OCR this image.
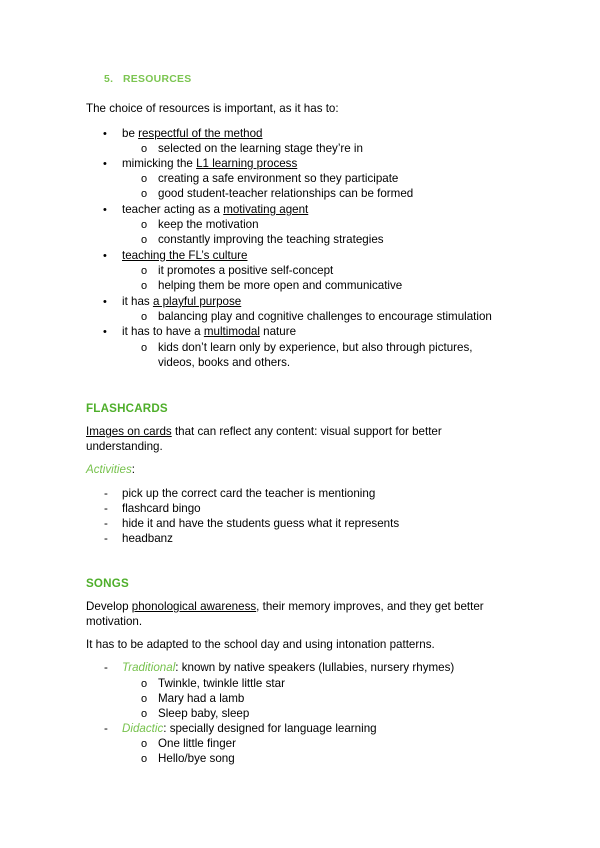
5. RESOURCES
The choice of resources is important, as it has to:
• be respectful of the method
o selected on the learning stage they’re in
• mimicking the L1 learning process
o creating a safe environment so they participate
o good student-teacher relationships can be formed
• teacher acting as a motivating agent
o keep the motivation
o constantly improving the teaching strategies
• teaching the FL’s culture
o it promotes a positive self-concept
o helping them be more open and communicative
• it has a playful purpose
o balancing play and cognitive challenges to encourage stimulation
• it has to have a multimodal nature
o kids don’t learn only by experience, but also through pictures,
videos, books and others.
FLASHCARDS
Images on cards that can reflect any content: visual support for better
understanding.
Activities:
- pick up the correct card the teacher is mentioning
- flashcard bingo
- hide it and have the students guess what it represents
- headbanz
SONGS
Develop phonological awareness, their memory improves, and they get better
motivation.
It has to be adapted to the school day and using intonation patterns.
- Traditional: known by native speakers (lullabies, nursery rhymes)
o Twinkle, twinkle little star
o Mary had a lamb
o Sleep baby, sleep
- Didactic: specially designed for language learning
o One little finger
o Hello/bye song
